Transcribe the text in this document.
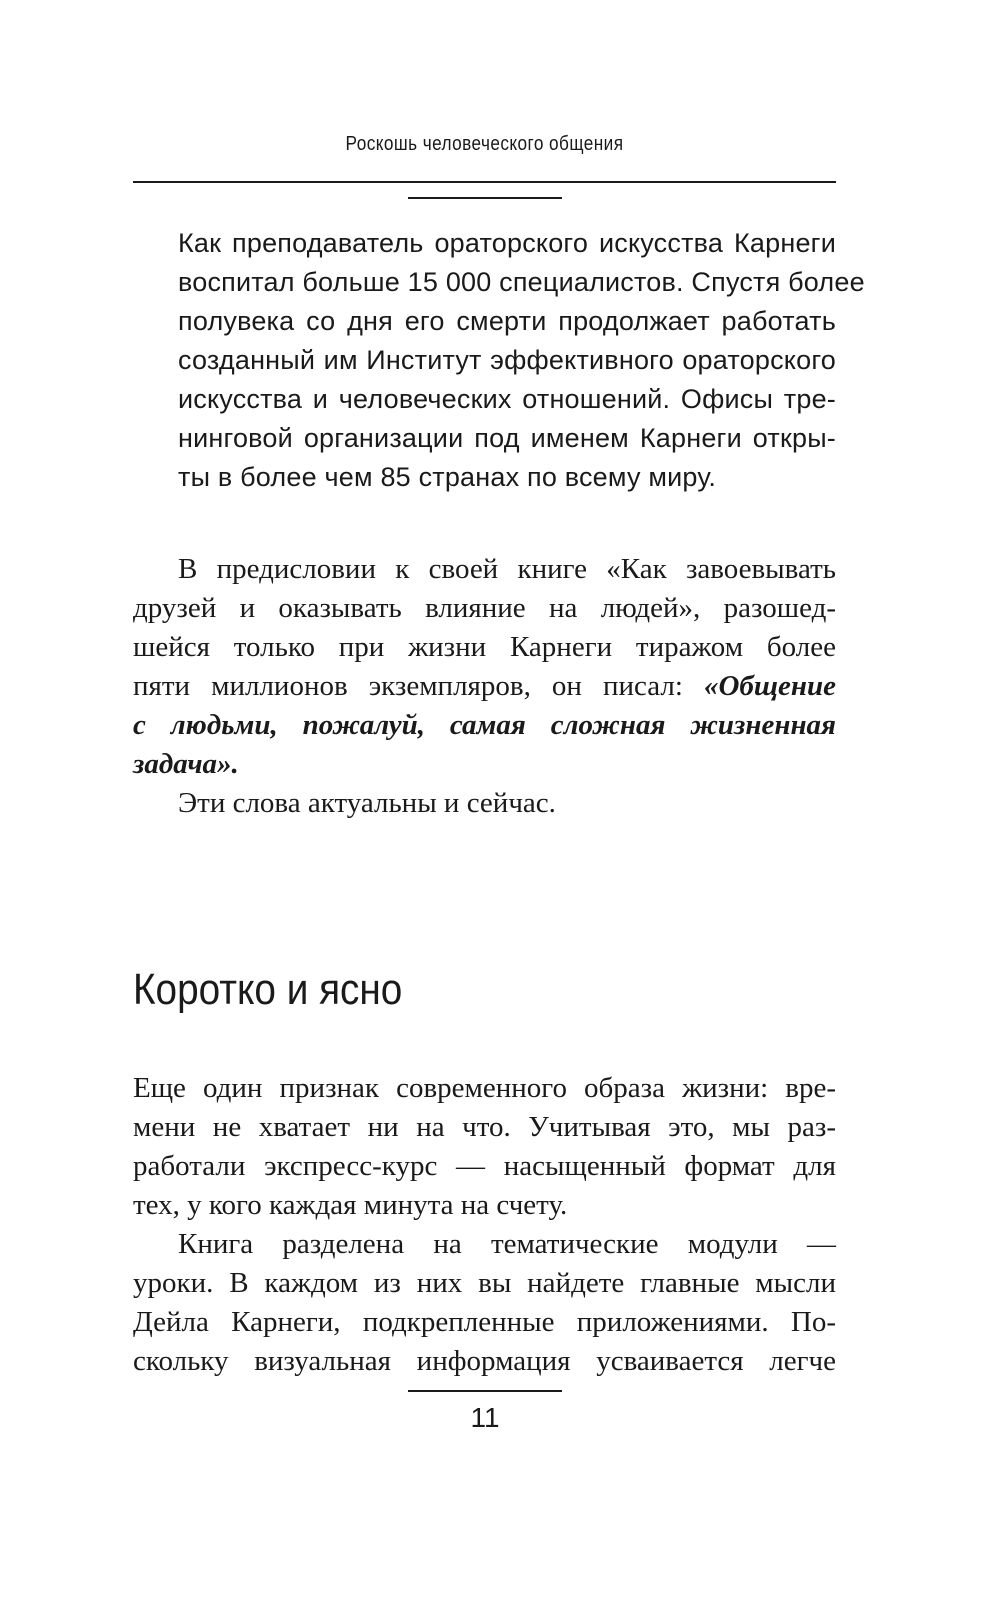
Роскошь человеческого общения
Как преподаватель ораторского искусства Карнеги
воспитал больше 15 000 специалистов. Спустя более
полувека со дня его смерти продолжает работать
созданный им Институт эффективного ораторского
искусства и человеческих отношений. Офисы тре-
нинговой организации под именем Карнеги откры-
ты в более чем 85 странах по всему миру.
В предисловии к своей книге «Как завоевывать
друзей и оказывать влияние на людей», разошед-
шейся только при жизни Карнеги тиражом более
пяти миллионов экземпляров, он писал: «Общение
с людьми, пожалуй, самая сложная жизненная
задача».
Эти слова актуальны и сейчас.
Коротко и ясно
Еще один признак современного образа жизни: вре-
мени не хватает ни на что. Учитывая это, мы раз-
работали экспресс-курс — насыщенный формат для
тех, у кого каждая минута на счету.
Книга разделена на тематические модули —
уроки. В каждом из них вы найдете главные мысли
Дейла Карнеги, подкрепленные приложениями. По-
скольку визуальная информация усваивается легче
11
